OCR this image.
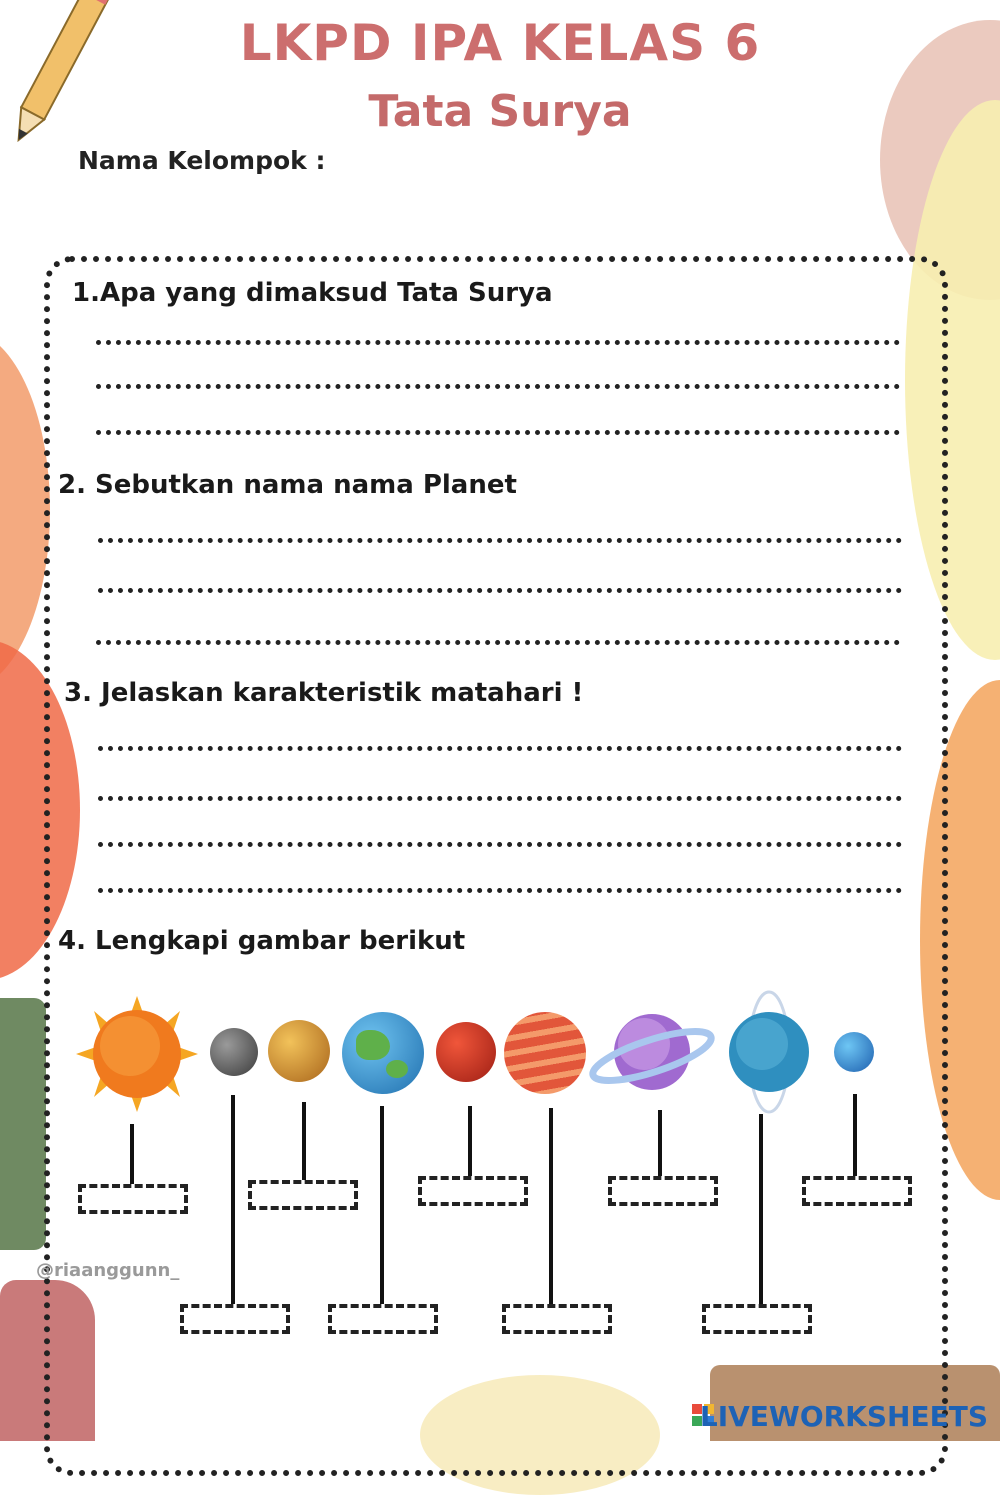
LKPD IPA KELAS 6
Tata Surya
Nama Kelompok :
1.Apa yang dimaksud Tata Surya
2. Sebutkan nama nama Planet
3. Jelaskan karakteristik matahari !
4. Lengkapi gambar berikut
@riaanggunn_
LIVEWORKSHEETS
